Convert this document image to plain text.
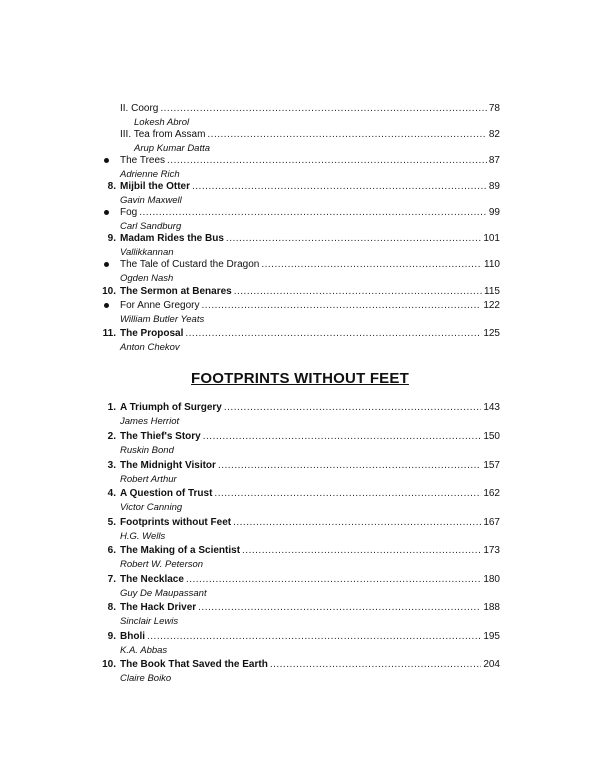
II. Coorg .....	78
Lokesh Abrol
III. Tea from Assam .....	82
Arup Kumar Datta
The Trees .....	87
Adrienne Rich
8. Mijbil the Otter .....	89
Gavin Maxwell
Fog .....	99
Carl Sandburg
9. Madam Rides the Bus .....	101
Vallikkannan
The Tale of Custard the Dragon .....	110
Ogden Nash
10. The Sermon at Benares .....	115
For Anne Gregory .....	122
William Butler Yeats
11. The Proposal .....	125
Anton Chekov
FOOTPRINTS WITHOUT FEET
1. A Triumph of Surgery .....	143
James Herriot
2. The Thief's Story .....	150
Ruskin Bond
3. The Midnight Visitor .....	157
Robert Arthur
4. A Question of Trust .....	162
Victor Canning
5. Footprints without Feet .....	167
H.G. Wells
6. The Making of a Scientist .....	173
Robert W. Peterson
7. The Necklace .....	180
Guy De Maupassant
8. The Hack Driver .....	188
Sinclair Lewis
9. Bholi .....	195
K.A. Abbas
10. The Book That Saved the Earth .....	204
Claire Boiko
